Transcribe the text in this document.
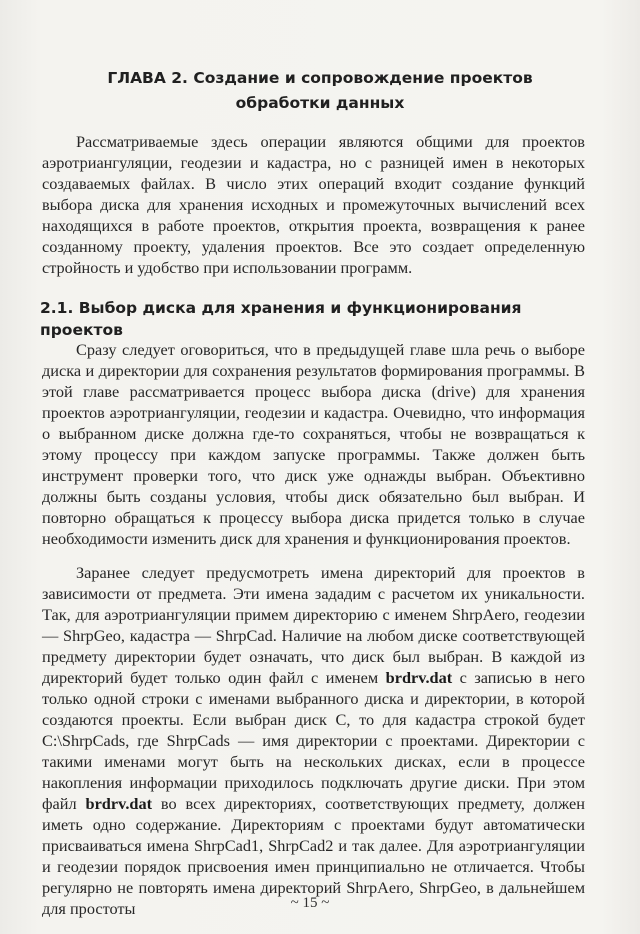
ГЛАВА 2. Создание и сопровождение проектов
обработки данных

Рассматриваемые здесь операции являются общими для проектов аэротриангуляции, геодезии и кадастра, но с разницей имен в некоторых создаваемых файлах. В число этих операций входит создание функций выбора диска для хранения исходных и промежуточных вычислений всех находящихся в работе проектов, открытия проекта, возвращения к ранее созданному проекту, удаления проектов. Все это создает определенную стройность и удобство при использовании программ.

2.1. Выбор диска для хранения и функционирования проектов

Сразу следует оговориться, что в предыдущей главе шла речь о выборе диска и директории для сохранения результатов формирования программы. В этой главе рассматривается процесс выбора диска (drive) для хранения проектов аэротриангуляции, геодезии и кадастра. Очевидно, что информация о выбранном диске должна где-то сохраняться, чтобы не возвращаться к этому процессу при каждом запуске программы. Также должен быть инструмент проверки того, что диск уже однажды выбран. Объективно должны быть созданы условия, чтобы диск обязательно был выбран. И повторно обращаться к процессу выбора диска придется только в случае необходимости изменить диск для хранения и функционирования проектов.

Заранее следует предусмотреть имена директорий для проектов в зависимости от предмета. Эти имена зададим с расчетом их уникальности. Так, для аэротриангуляции примем директорию с именем ShrpAero, геодезии — ShrpGeo, кадастра — ShrpCad. Наличие на любом диске соответствующей предмету директории будет означать, что диск был выбран. В каждой из директорий будет только один файл с именем brdrv.dat с записью в него только одной строки с именами выбранного диска и директории, в которой создаются проекты. Если выбран диск C, то для кадастра строкой будет C:\ShrpCads, где ShrpCads — имя директории с проектами. Директории с такими именами могут быть на нескольких дисках, если в процессе накопления информации приходилось подключать другие диски. При этом файл brdrv.dat во всех директориях, соответствующих предмету, должен иметь одно содержание. Директориям с проектами будут автоматически присваиваться имена ShrpCad1, ShrpCad2 и так далее. Для аэротриангуляции и геодезии порядок присвоения имен принципиально не отличается. Чтобы регулярно не повторять имена директорий ShrpAero, ShrpGeo, в дальнейшем для простоты	~ 15 ~
